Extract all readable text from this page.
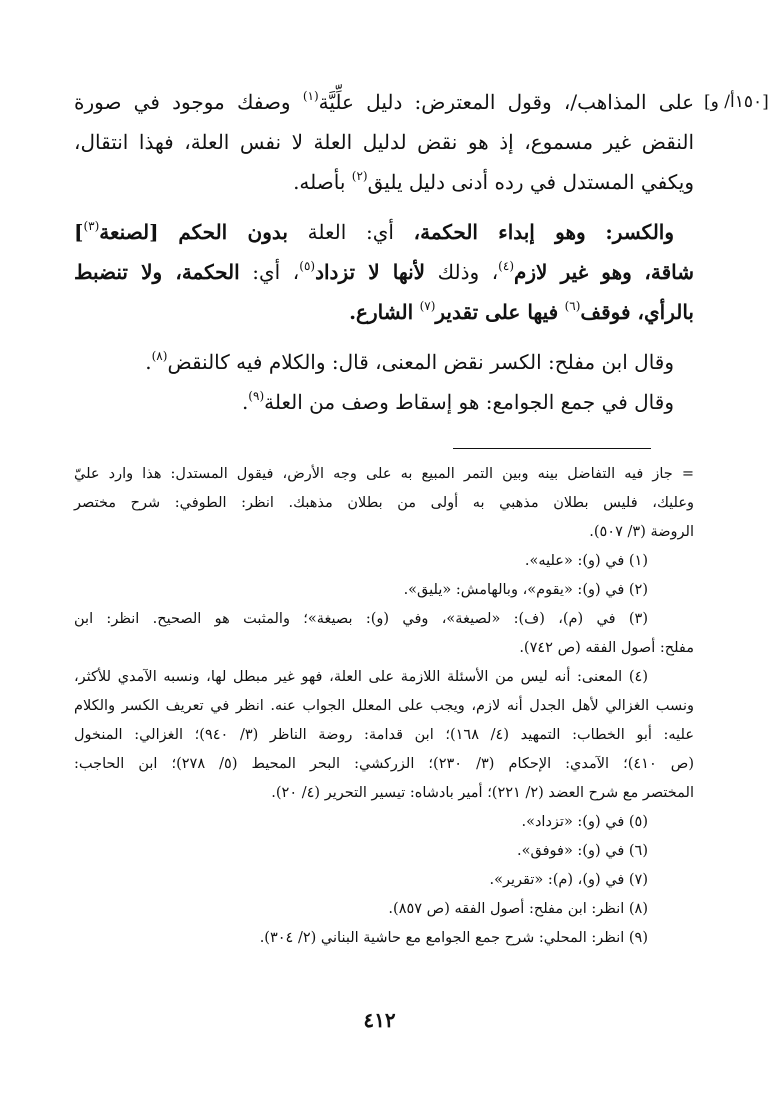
[١٥٠أ/ و]
على المذاهب/، وقول المعترض: دليل علِّيَّة$^{(١)}$ وصفك موجود في صورة
النقض غير مسموع، إذ هو نقض لدليل العلة لا نفس العلة، فهذا انتقال،
ويكفي المستدل في رده أدنى دليل يليق$^{(٢)}$ بأصله.
 والكسر: وهو إبداء الحكمة، أي: العلة بدون الحكم [لصنعة$^{(٣)}$]
شاقة، وهو غير لازم$^{(٤)}$، وذلك لأنها لا تزداد$^{(٥)}$، أي: الحكمة، ولا تنضبط
بالرأي، فوقف$^{(٦)}$ فيها على تقدير$^{(٧)}$ الشارع.
 وقال ابن مفلح: الكسر نقض المعنى، قال: والكلام فيه كالنقض$^{(٨)}$.
 وقال في جمع الجوامع: هو إسقاط وصف من العلة$^{(٩)}$.
= جاز فيه التفاضل بينه وبين التمر المبيع به على وجه الأرض، فيقول المستدل: هذا وارد عليّ
وعليك، فليس بطلان مذهبي به أولى من بطلان مذهبك. انظر: الطوفي: شرح مختصر
الروضة (٣/ ٥٠٧).
(١) في (و): «عليه».
(٢) في (و): «يقوم»، وبالهامش: «يليق».
(٣) في (م)، (ف): «لصيغة»، وفي (و): بصيغة»؛ والمثبت هو الصحيح. انظر: ابن
مفلح: أصول الفقه (ص ٧٤٢).
(٤) المعنى: أنه ليس من الأسئلة اللازمة على العلة، فهو غير مبطل لها، ونسبه الآمدي للأكثر،
ونسب الغزالي لأهل الجدل أنه لازم، ويجب على المعلل الجواب عنه. انظر في تعريف الكسر والكلام
عليه: أبو الخطاب: التمهيد (٤/ ١٦٨)؛ ابن قدامة: روضة الناظر (٣/ ٩٤٠)؛ الغزالي: المنخول
(ص ٤١٠)؛ الآمدي: الإحكام (٣/ ٢٣٠)؛ الزركشي: البحر المحيط (٥/ ٢٧٨)؛ ابن الحاجب:
المختصر مع شرح العضد (٢/ ٢٢١)؛ أمير بادشاه: تيسير التحرير (٤/ ٢٠).
(٥) في (و): «تزداد».
(٦) في (و): «فوفق».
(٧) في (و)، (م): «تقرير».
(٨) انظر: ابن مفلح: أصول الفقه (ص ٨٥٧).
(٩) انظر: المحلي: شرح جمع الجوامع مع حاشية البناني (٢/ ٣٠٤).
٤١٢
